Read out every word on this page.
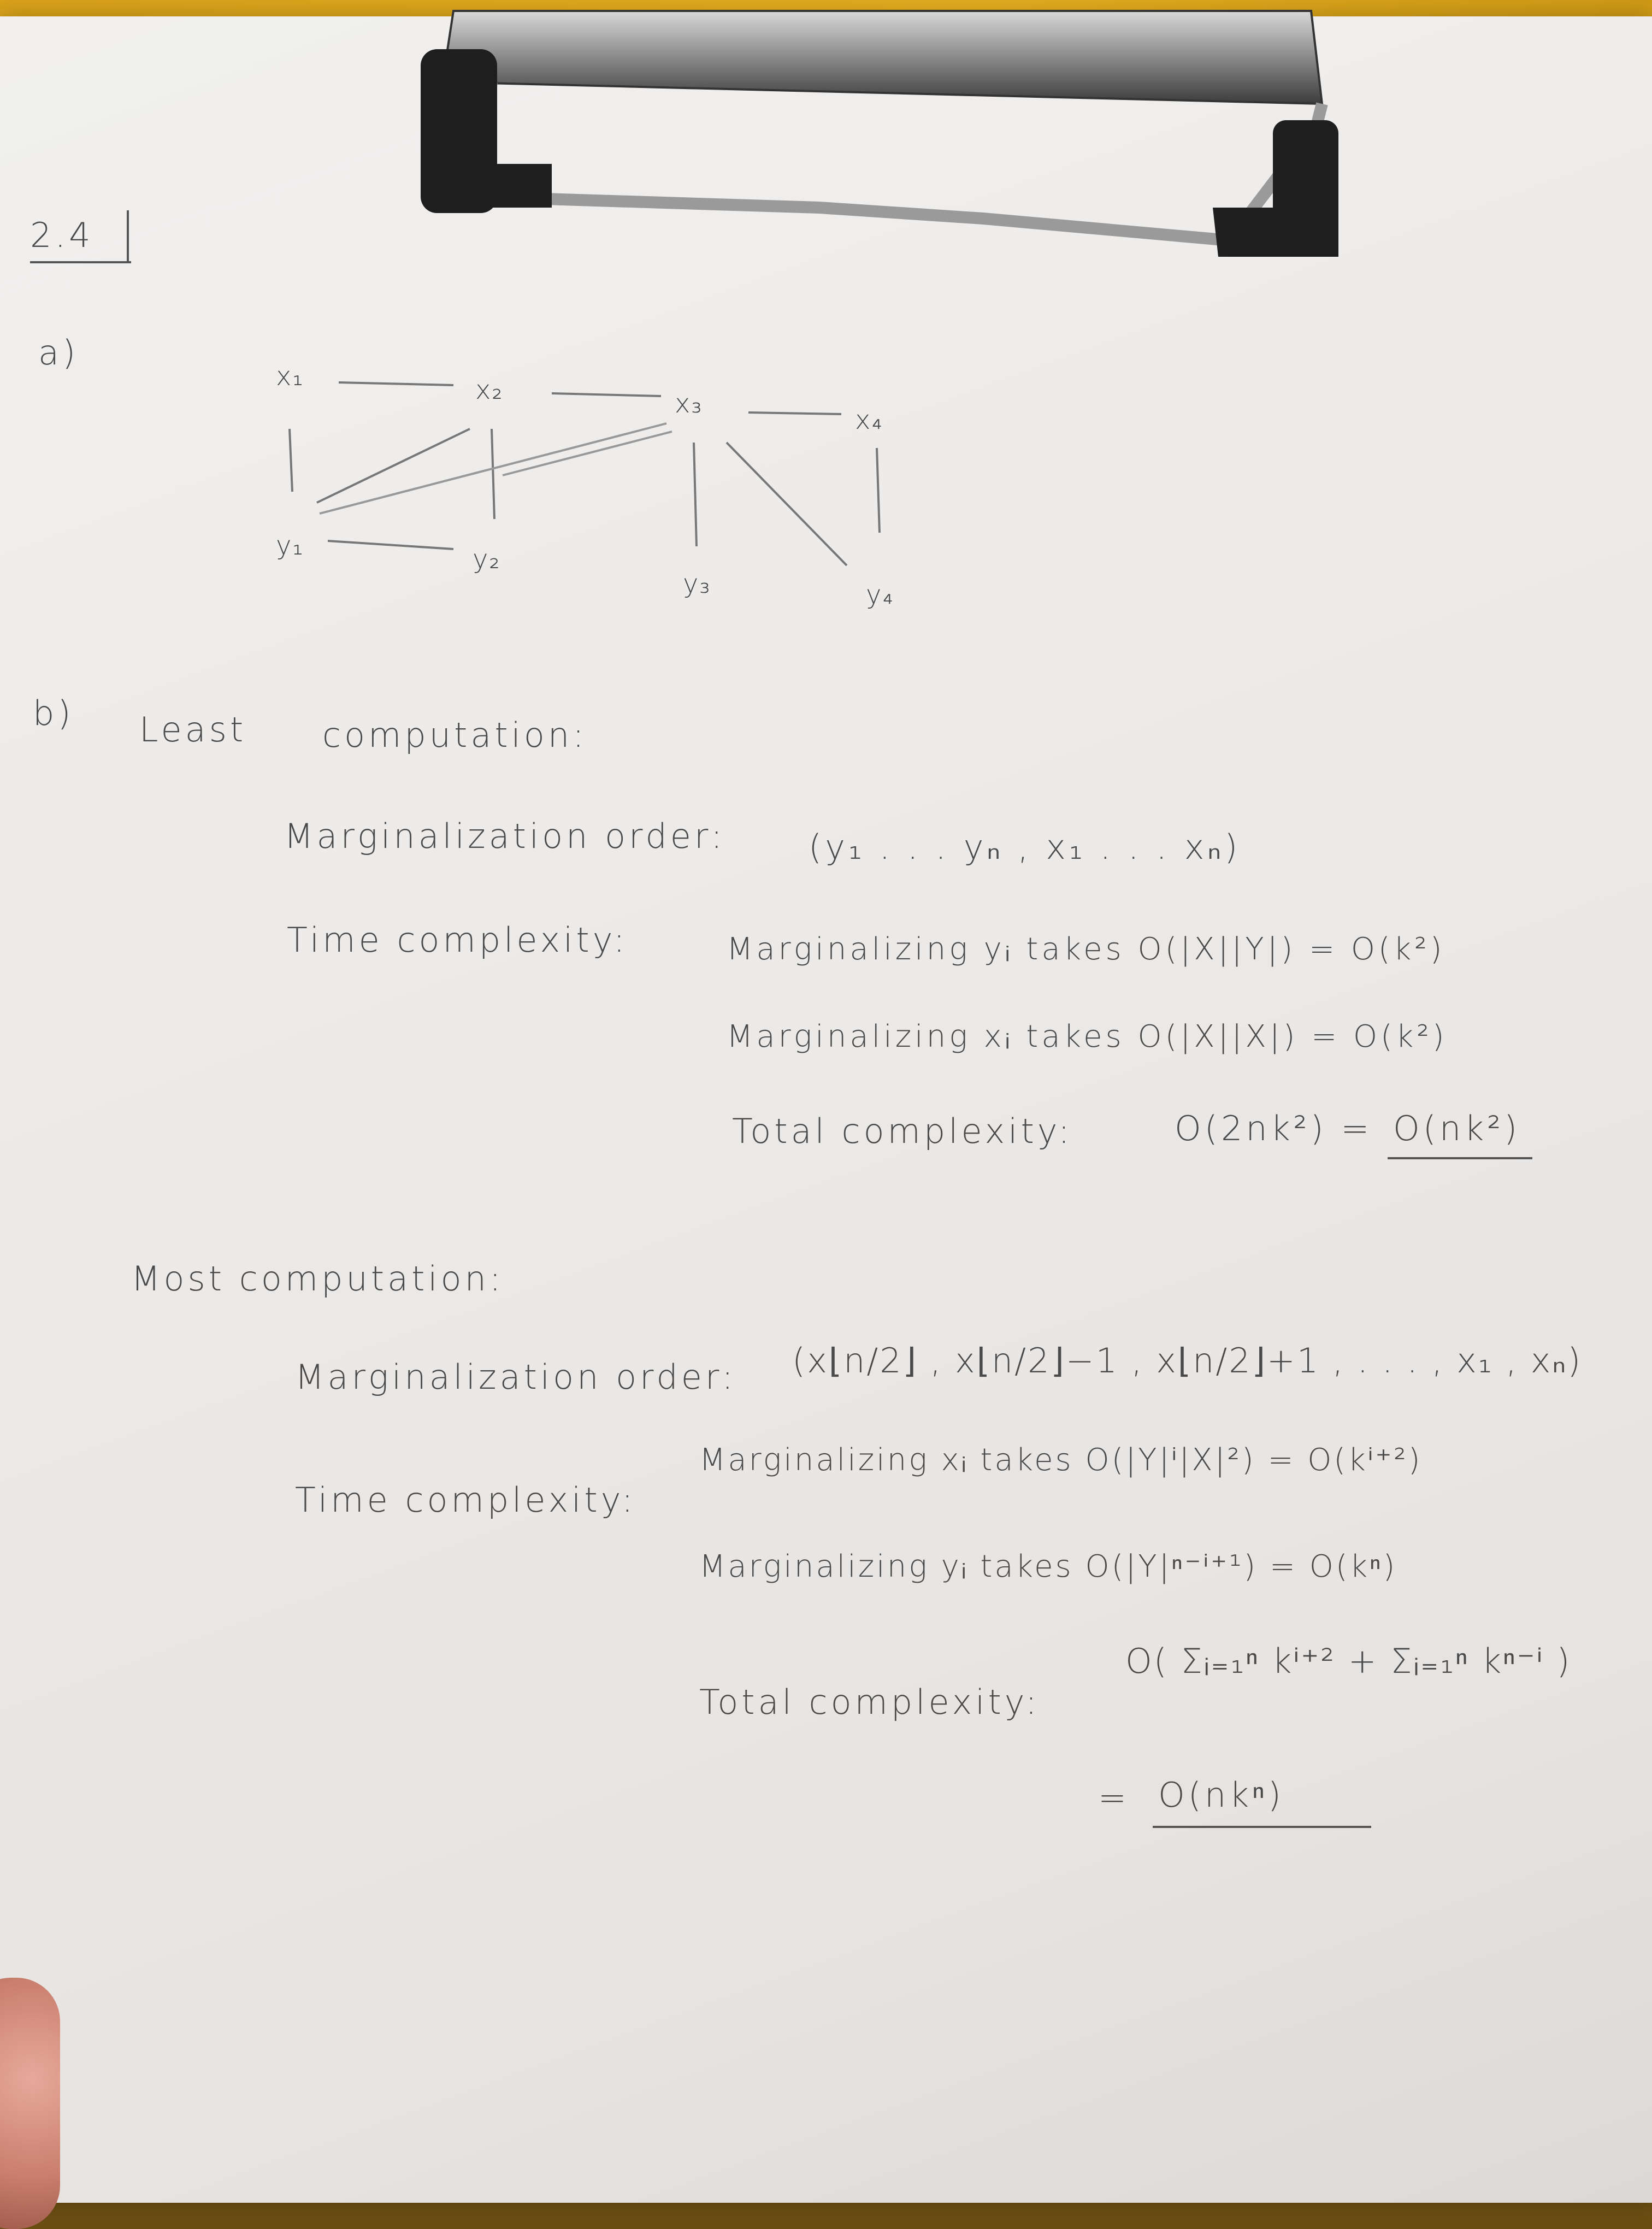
2.4
a)
x₁	x₂	x₃
x₄
y₁	y₂
y₃	y₄
b) Least computation:
Marginalization order: (y₁ . . . yₙ , x₁ . . . xₙ)
Time complexity:	Marginalizing yᵢ takes O(|X||Y|) = O(k²)
Marginalizing xᵢ takes O(|X||X|) = O(k²)
Total complexity:	O(2nk²) = O(nk²)
Most computation:
Marginalization order: (x⌊n/2⌋ , x⌊n/2⌋−1 , x⌊n/2⌋+1 , . . . , x₁ , xₙ)
Time complexity:
Marginalizing xᵢ takes O(|Y|ⁱ|X|²) = O(kⁱ⁺²)
Marginalizing yᵢ takes O(|Y|ⁿ⁻ⁱ⁺¹) = O(kⁿ)
Total complexity:
O( Σᵢ₌₁ⁿ kⁱ⁺² + Σᵢ₌₁ⁿ kⁿ⁻ⁱ )
= O(nkⁿ)
